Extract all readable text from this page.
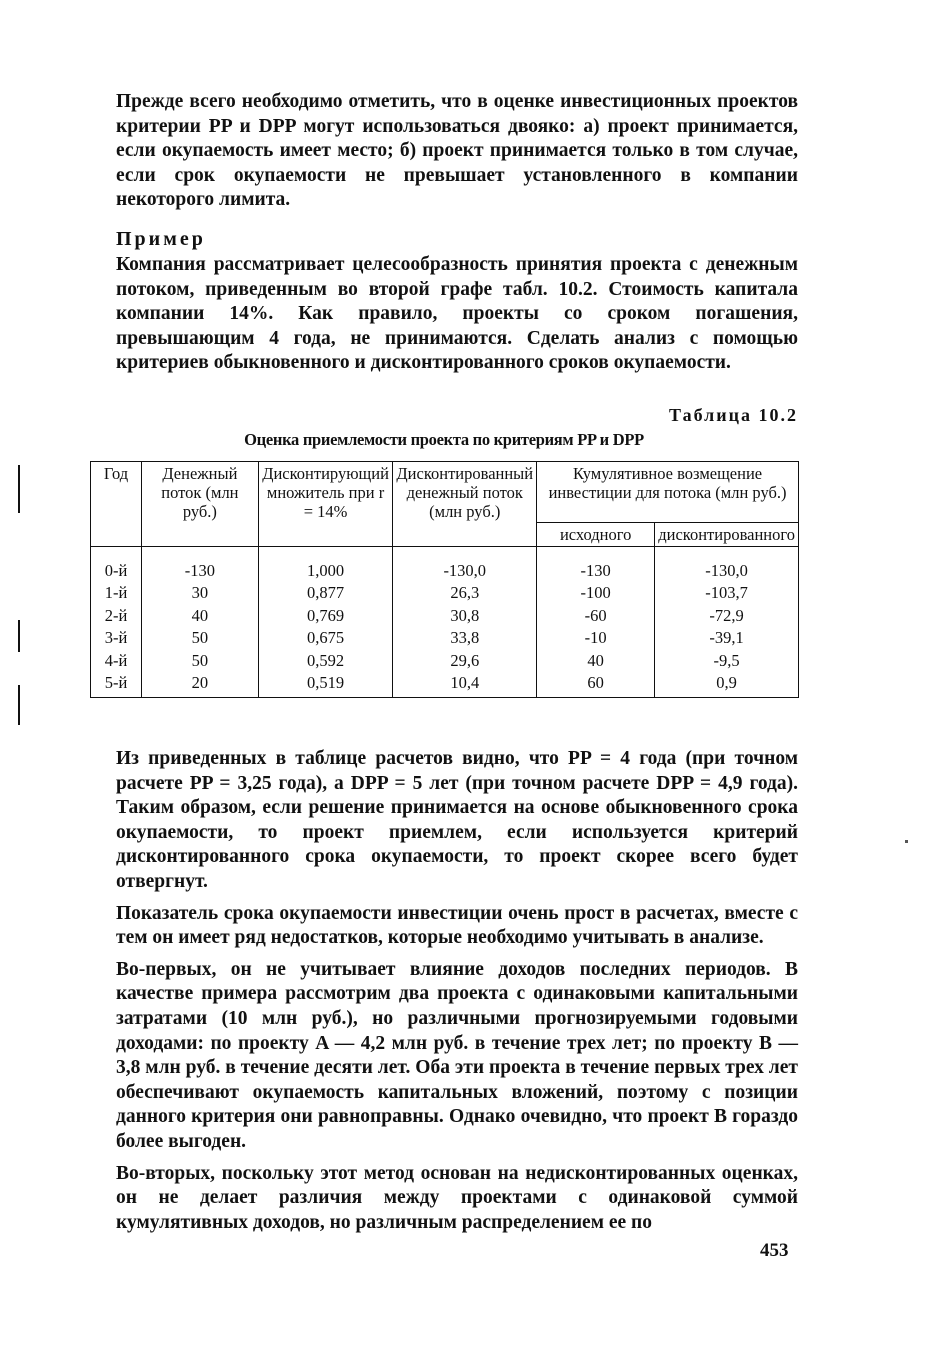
Прежде всего необходимо отметить, что в оценке инвестиционных проектов критерии PP и DPP могут использоваться двояко: а) проект принимается, если окупаемость имеет место; б) проект принимается только в том случае, если срок окупаемости не превышает установленного в компании некоторого лимита.

Пример

Компания рассматривает целесообразность принятия проекта с денежным потоком, приведенным во второй графе табл. 10.2. Стоимость капитала компании 14%. Как правило, проекты со сроком погашения, превышающим 4 года, не принимаются. Сделать анализ с помощью критериев обыкновенного и дисконтированного сроков окупаемости.

Таблица 10.2
Оценка приемлемости проекта по критериям PP и DPP
Год	Денежный поток (млн руб.)	Дисконтирующий множитель при r = 14%	Дисконтированный денежный поток (млн руб.)	Кумулятивное возмещение инвестиции для потока (млн руб.)	
				исходного	дисконтированного
0-й	-130	1,000	-130,0	-130	-130,0
1-й	30	0,877	26,3	-100	-103,7
2-й	40	0,769	30,8	-60	-72,9
3-й	50	0,675	33,8	-10	-39,1
4-й	50	0,592	29,6	40	-9,5
5-й	20	0,519	10,4	60	0,9

Из приведенных в таблице расчетов видно, что PP = 4 года (при точном расчете PP = 3,25 года), а DPP = 5 лет (при точном расчете DPP = 4,9 года). Таким образом, если решение принимается на основе обыкновенного срока окупаемости, то проект приемлем, если используется критерий дисконтированного срока окупаемости, то проект скорее всего будет отвергнут.

Показатель срока окупаемости инвестиции очень прост в расчетах, вместе с тем он имеет ряд недостатков, которые необходимо учитывать в анализе.

Во-первых, он не учитывает влияние доходов последних периодов. В качестве примера рассмотрим два проекта с одинаковыми капитальными затратами (10 млн руб.), но различными прогнозируемыми годовыми доходами: по проекту A — 4,2 млн руб. в течение трех лет; по проекту B — 3,8 млн руб. в течение десяти лет. Оба эти проекта в течение первых трех лет обеспечивают окупаемость капитальных вложений, поэтому с позиции данного критерия они равноправны. Однако очевидно, что проект B гораздо более выгоден.

Во-вторых, поскольку этот метод основан на недисконтированных оценках, он не делает различия между проектами с одинаковой суммой кумулятивных доходов, но различным распределением ее по

453
